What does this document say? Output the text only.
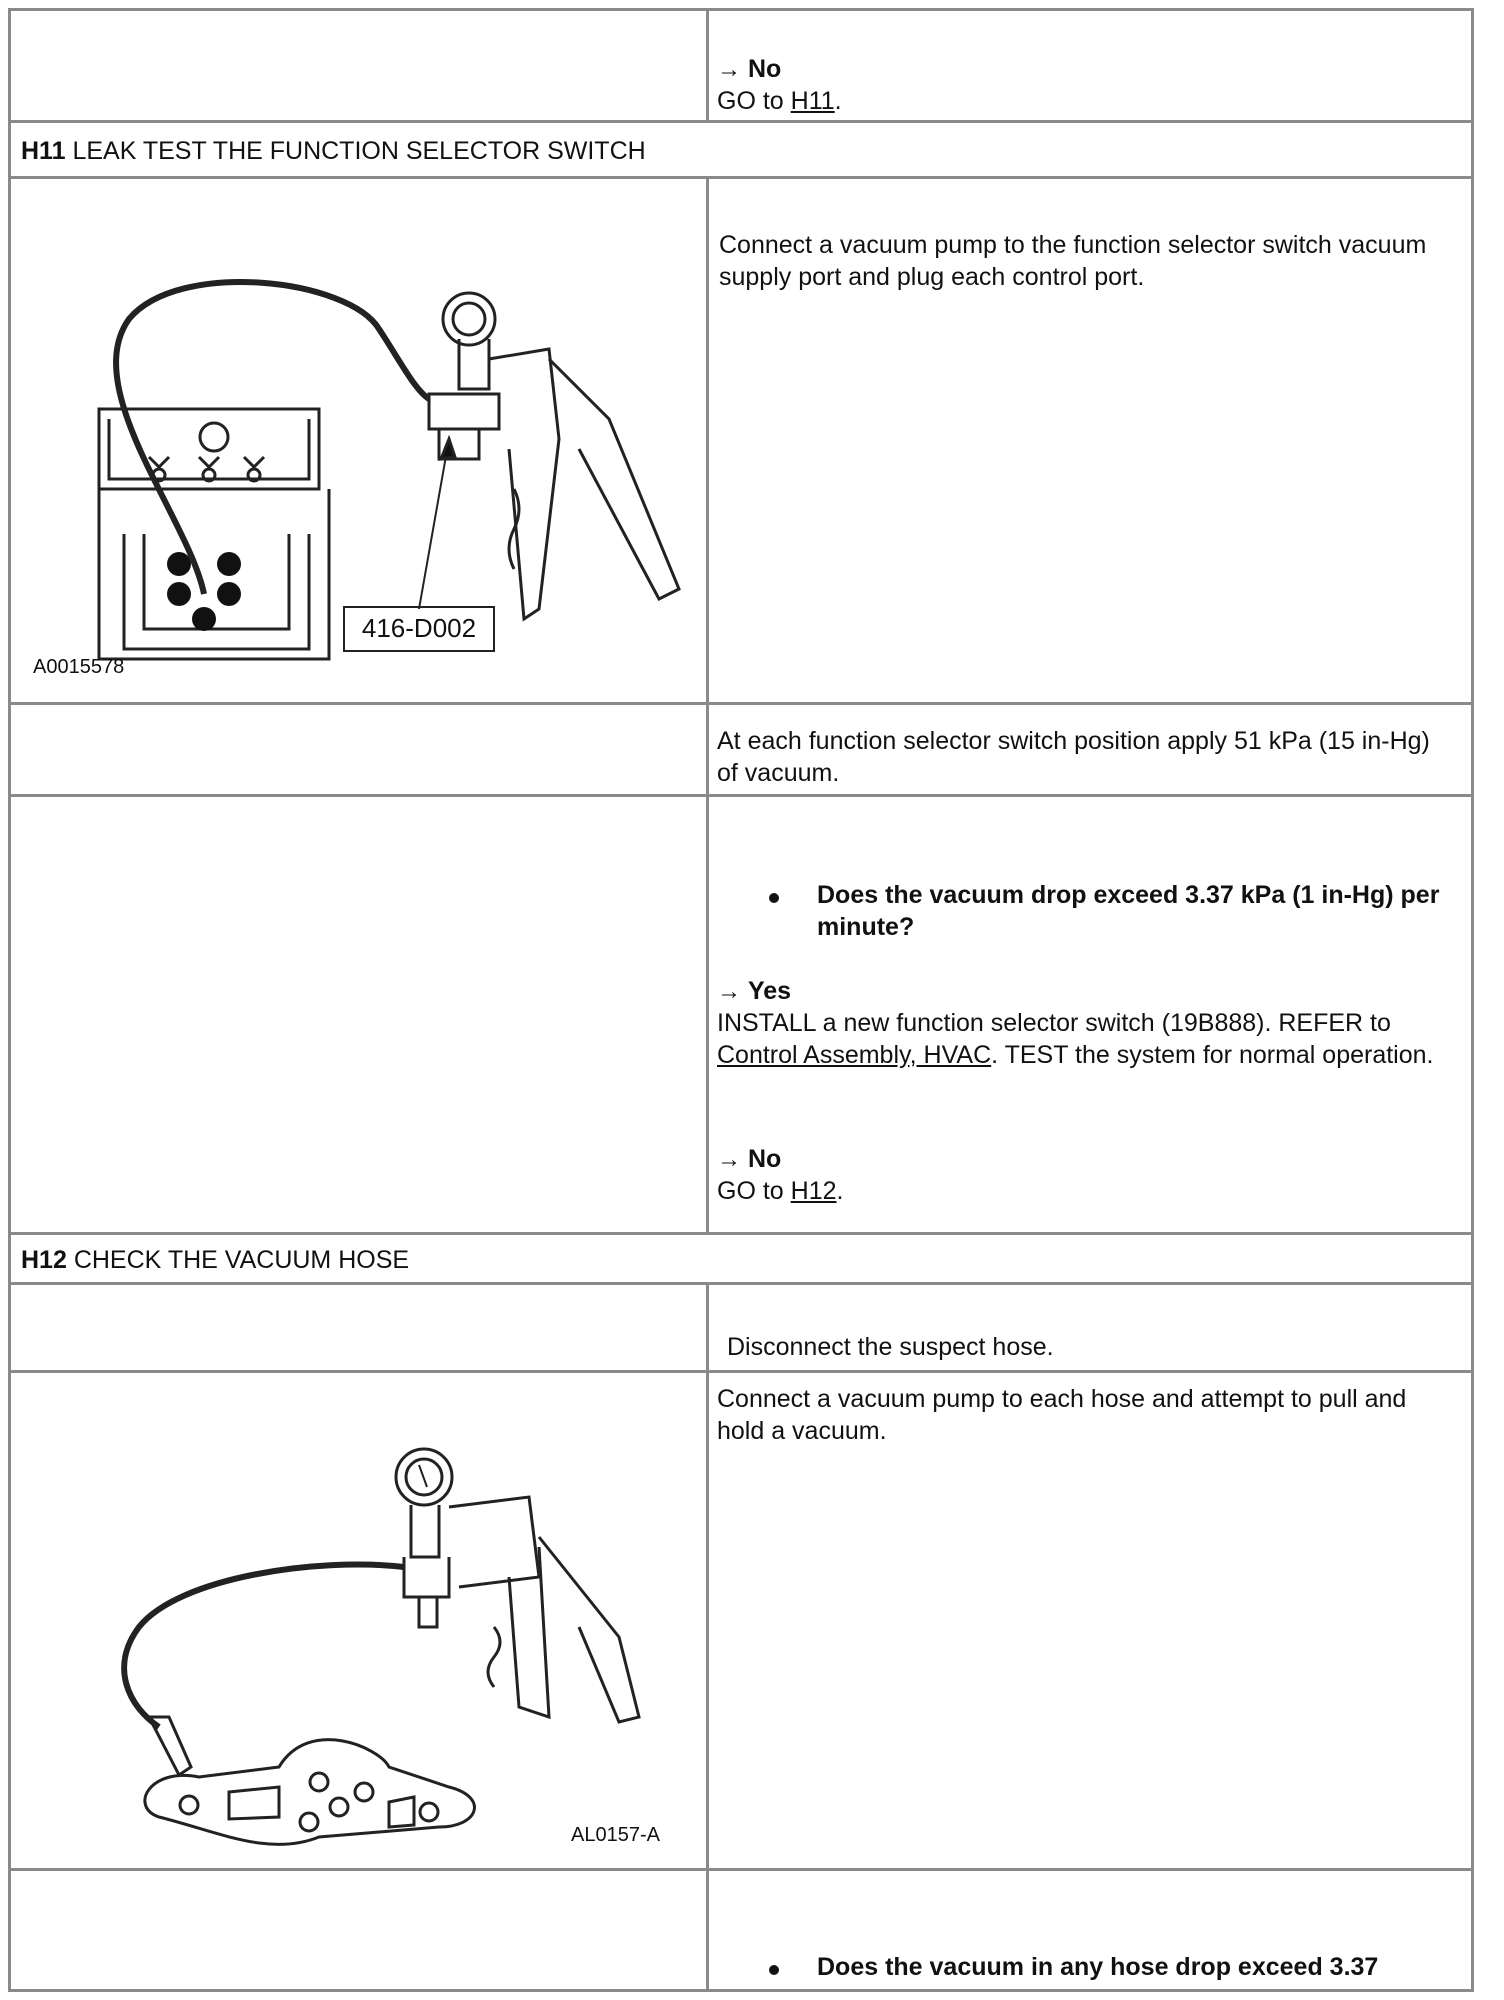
→ No
GO to H11.
H11 LEAK TEST THE FUNCTION SELECTOR SWITCH
416-D002
A0015578
Connect a vacuum pump to the function selector switch vacuum supply port and plug each control port.
At each function selector switch position apply 51 kPa (15 in-Hg) of vacuum.
Does the vacuum drop exceed 3.37 kPa (1 in-Hg) per minute?
→ Yes
INSTALL a new function selector switch (19B888). REFER to Control Assembly, HVAC. TEST the system for normal operation.
→ No
GO to H12.
H12 CHECK THE VACUUM HOSE
Disconnect the suspect hose.
AL0157-A
Connect a vacuum pump to each hose and attempt to pull and hold a vacuum.
Does the vacuum in any hose drop exceed 3.37
